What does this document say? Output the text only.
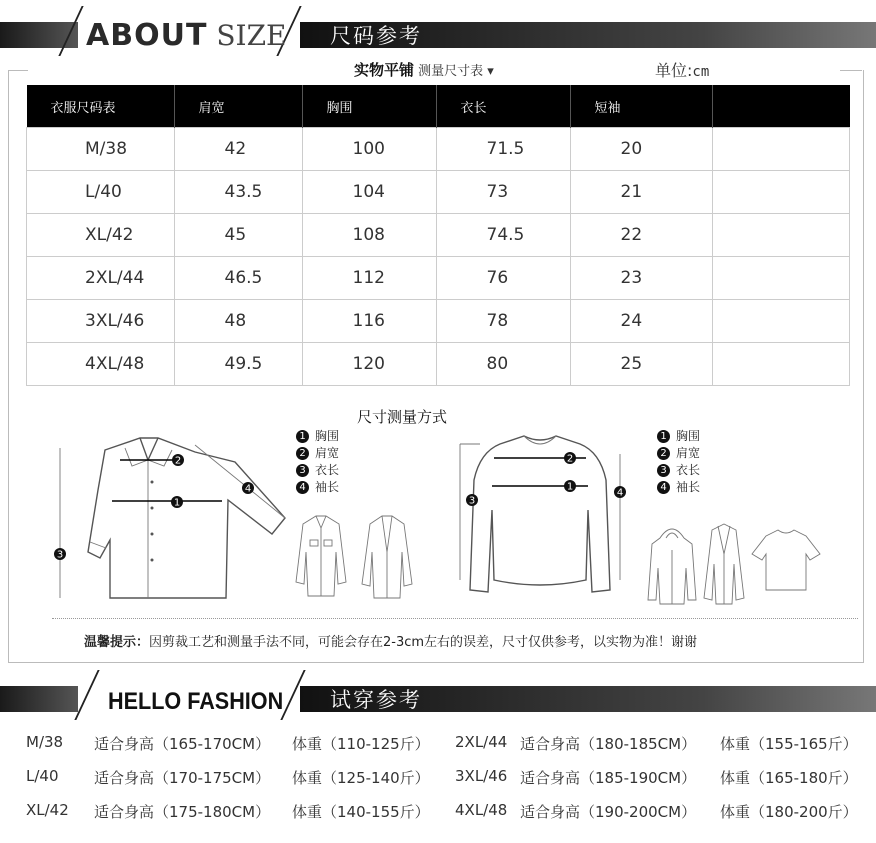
尺码参考
ABOUT SIZE
实物平铺 测量尺寸表 ▾	单位:cm
衣服尺码表	肩宽	胸围	衣长	短袖	
M/38	42	100	71.5	20	
L/40	43.5	104	73	21	
XL/42	45	108	74.5	22	
2XL/44	46.5	112	76	23	
3XL/46	48	116	78	24	
4XL/48	49.5	120	80	25	
尺寸测量方式
1 胸围
2 肩宽
3 衣长
4 袖长
1 胸围
2 肩宽
3 衣长
4 袖长
1
2
3
4	1
2
3
4
温馨提示：因剪裁工艺和测量手法不同，可能会存在2-3cm左右的误差，尺寸仅供参考，以实物为准！谢谢
试穿参考
HELLO FASHION
M/38 适合身高（165-170CM） 体重（110-125斤）
L/40 适合身高（170-175CM） 体重（125-140斤）
XL/42 适合身高（175-180CM） 体重（140-155斤）
2XL/44 适合身高（180-185CM） 体重（155-165斤）
3XL/46 适合身高（185-190CM） 体重（165-180斤）
4XL/48 适合身高（190-200CM） 体重（180-200斤）
